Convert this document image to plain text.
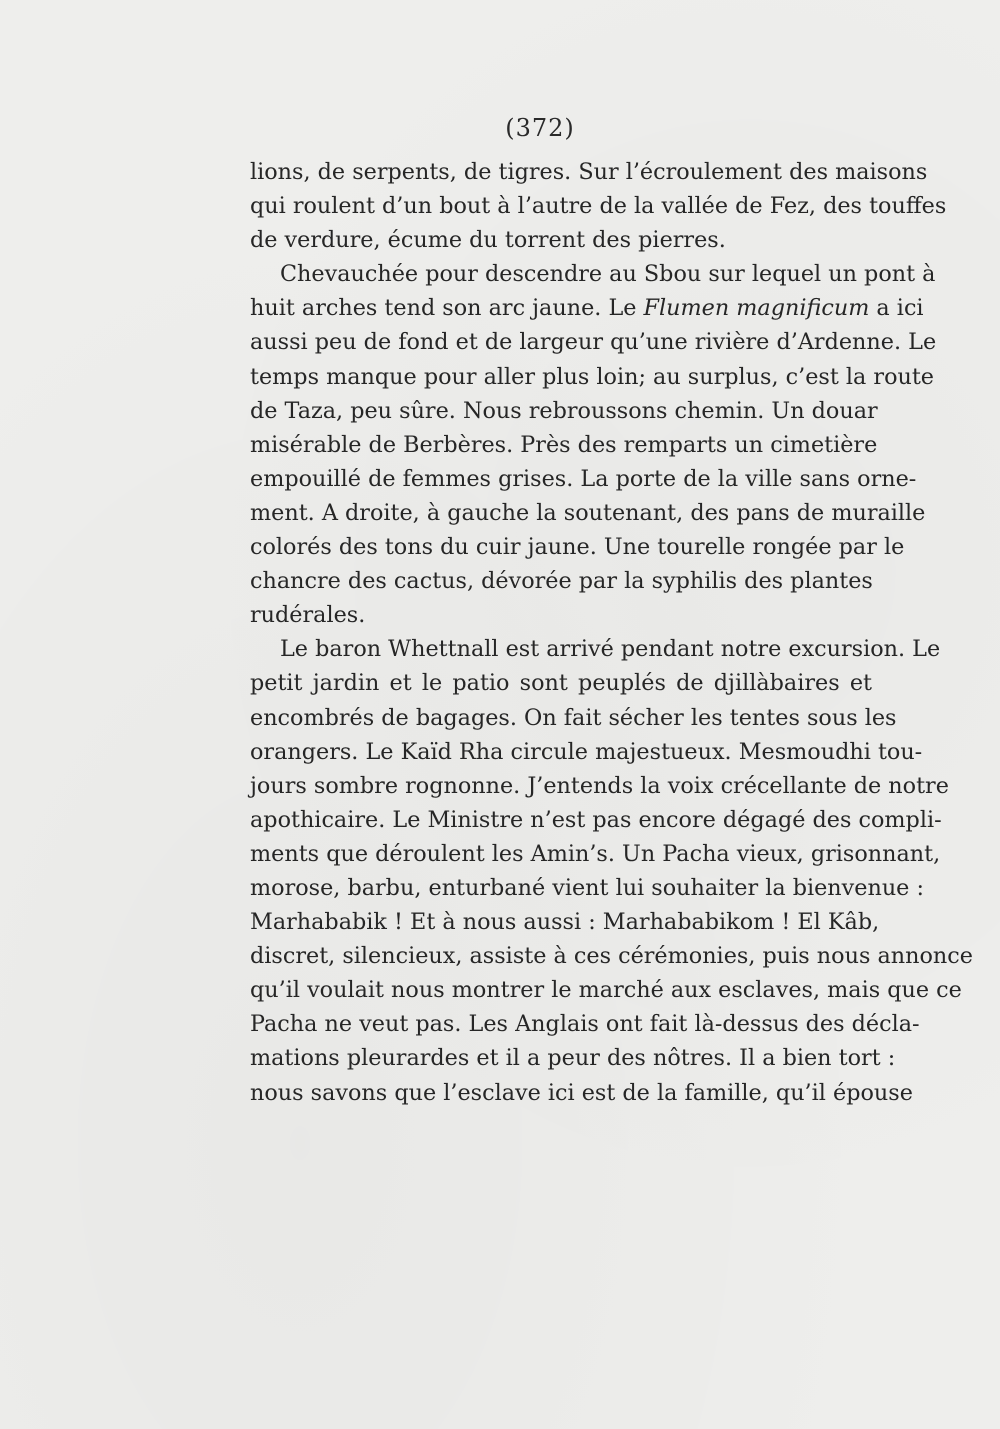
(372)
lions, de serpents, de tigres. Sur l’écroulement des maisons
qui roulent d’un bout à l’autre de la vallée de Fez, des touffes
de verdure, écume du torrent des pierres.
Chevauchée pour descendre au Sbou sur lequel un pont à
huit arches tend son arc jaune. Le Flumen magnificum a ici
aussi peu de fond et de largeur qu’une rivière d’Ardenne. Le
temps manque pour aller plus loin; au surplus, c’est la route
de Taza, peu sûre. Nous rebroussons chemin. Un douar
misérable de Berbères. Près des remparts un cimetière
empouillé de femmes grises. La porte de la ville sans orne-
ment. A droite, à gauche la soutenant, des pans de muraille
colorés des tons du cuir jaune. Une tourelle rongée par le
chancre des cactus, dévorée par la syphilis des plantes
rudérales.
Le baron Whettnall est arrivé pendant notre excursion. Le
petit jardin et le patio sont peuplés de djillàbaires et
encombrés de bagages. On fait sécher les tentes sous les
orangers. Le Kaïd Rha circule majestueux. Mesmoudhi tou-
jours sombre rognonne. J’entends la voix crécellante de notre
apothicaire. Le Ministre n’est pas encore dégagé des compli-
ments que déroulent les Amin’s. Un Pacha vieux, grisonnant,
morose, barbu, enturbané vient lui souhaiter la bienvenue :
Marhababik ! Et à nous aussi : Marhababikom ! El Kâb,
discret, silencieux, assiste à ces cérémonies, puis nous annonce
qu’il voulait nous montrer le marché aux esclaves, mais que ce
Pacha ne veut pas. Les Anglais ont fait là-dessus des décla-
mations pleurardes et il a peur des nôtres. Il a bien tort :
nous savons que l’esclave ici est de la famille, qu’il épouse
